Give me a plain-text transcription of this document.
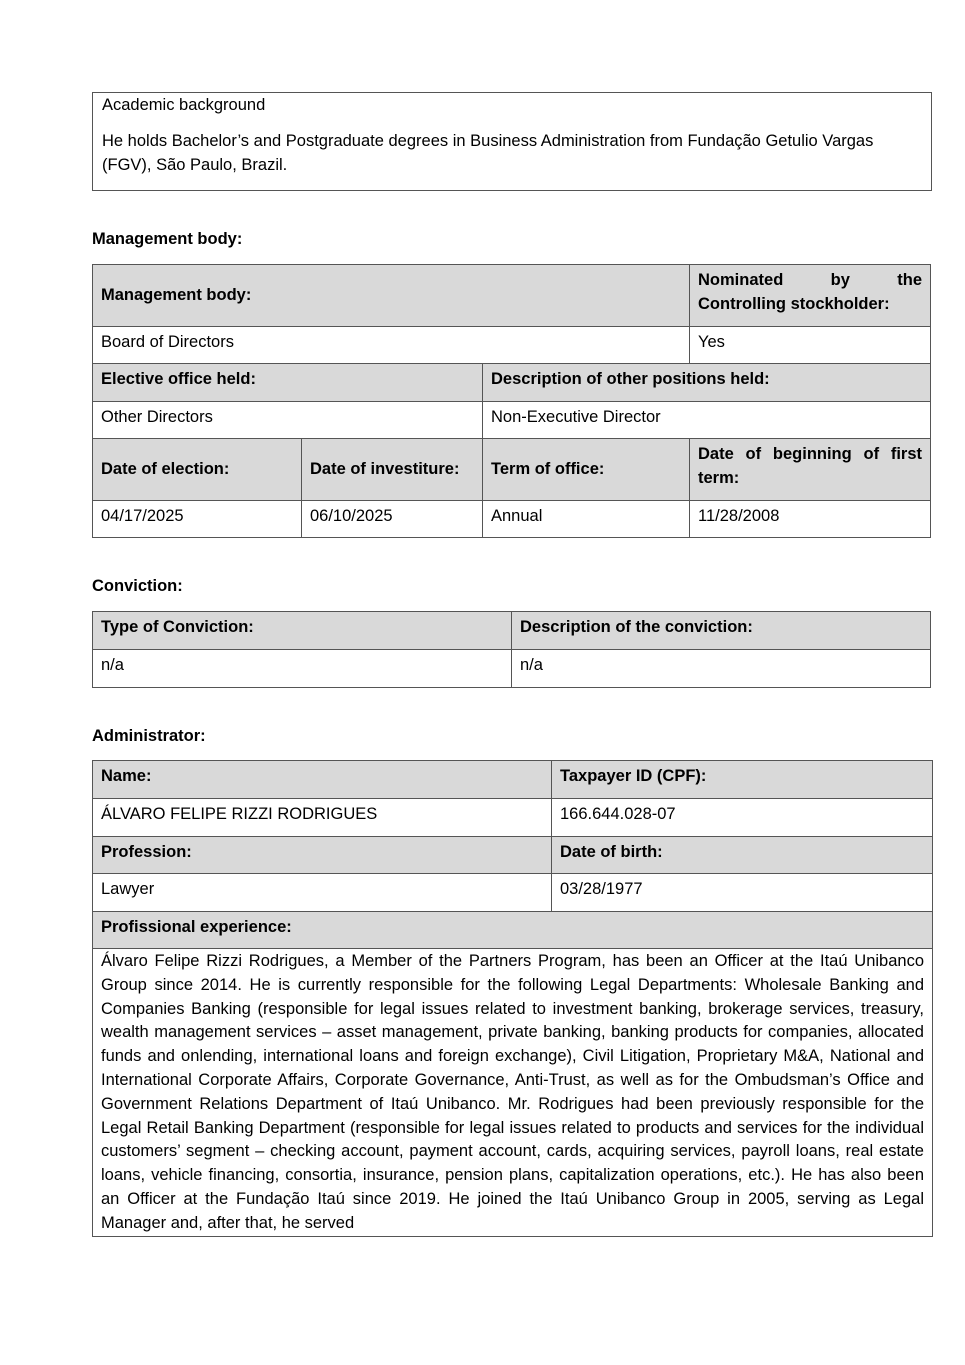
Academic background

He holds Bachelor’s and Postgraduate degrees in Business Administration from Fundação Getulio Vargas (FGV), São Paulo, Brazil.

Management body:
Management body:			Nominated by the Controlling stockholder:
Board of Directors			Yes
Elective office held:		Description of other positions held:	
Other Directors		Non-Executive Director	
Date of election:	Date of investiture:	Term of office:	Date of beginning of first term:
04/17/2025	06/10/2025	Annual	11/28/2008
Conviction:
Type of Conviction:	Description of the conviction:
n/a	n/a
Administrator:
Name:	Taxpayer ID (CPF):
ÁLVARO FELIPE RIZZI RODRIGUES	166.644.028-07
Profession:	Date of birth:
Lawyer	03/28/1977
Profissional experience:	
Álvaro Felipe Rizzi Rodrigues, a Member of the Partners Program, has been an Officer at the Itaú Unibanco Group since 2014. He is currently responsible for the following Legal Departments: Wholesale Banking and Companies Banking (responsible for legal issues related to investment banking, brokerage services, treasury, wealth management services – asset management, private banking, banking products for companies, allocated funds and onlending, international loans and foreign exchange), Civil Litigation, Proprietary M&A, National and International Corporate Affairs, Corporate Governance, Anti-Trust, as well as for the Ombudsman’s Office and Government Relations Department of Itaú Unibanco. Mr. Rodrigues had been previously responsible for the Legal Retail Banking Department (responsible for legal issues related to products and services for the individual customers’ segment – checking account, payment account, cards, acquiring services, payroll loans, real estate loans, vehicle financing, consortia, insurance, pension plans, capitalization operations, etc.). He has also been an Officer at the Fundação Itaú since 2019. He joined the Itaú Unibanco Group in 2005, serving as Legal Manager and, after that, he served	
